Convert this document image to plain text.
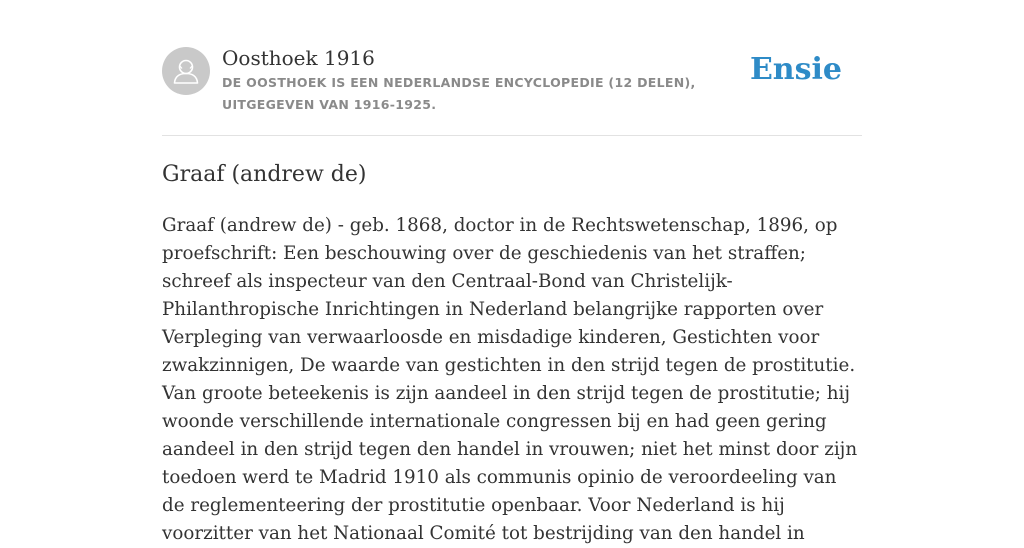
Oosthoek 1916
DE OOSTHOEK IS EEN NEDERLANDSE ENCYCLOPEDIE (12 DELEN), UITGEGEVEN VAN 1916-1925.
Ensie
Graaf (andrew de)

Graaf (andrew de) - geb. 1868, doctor in de Rechtswetenschap, 1896, op proefschrift: Een beschouwing over de geschiedenis van het straffen; schreef als inspecteur van den Centraal-Bond van Christelijk-Philanthropische Inrichtingen in Nederland belangrijke rapporten over Verpleging van verwaarloosde en misdadige kinderen, Gestichten voor zwakzinnigen, De waarde van gestichten in den strijd tegen de prostitutie. Van groote beteekenis is zijn aandeel in den strijd tegen de prostitutie; hij woonde verschillende internationale congressen bij en had geen gering aandeel in den strijd tegen den handel in vrouwen; niet het minst door zijn toedoen werd te Madrid 1910 als communis opinio de veroordeeling van de reglementeering der prostitutie openbaar. Voor Nederland is hij voorzitter van het Nationaal Comité tot bestrijding van den handel in
